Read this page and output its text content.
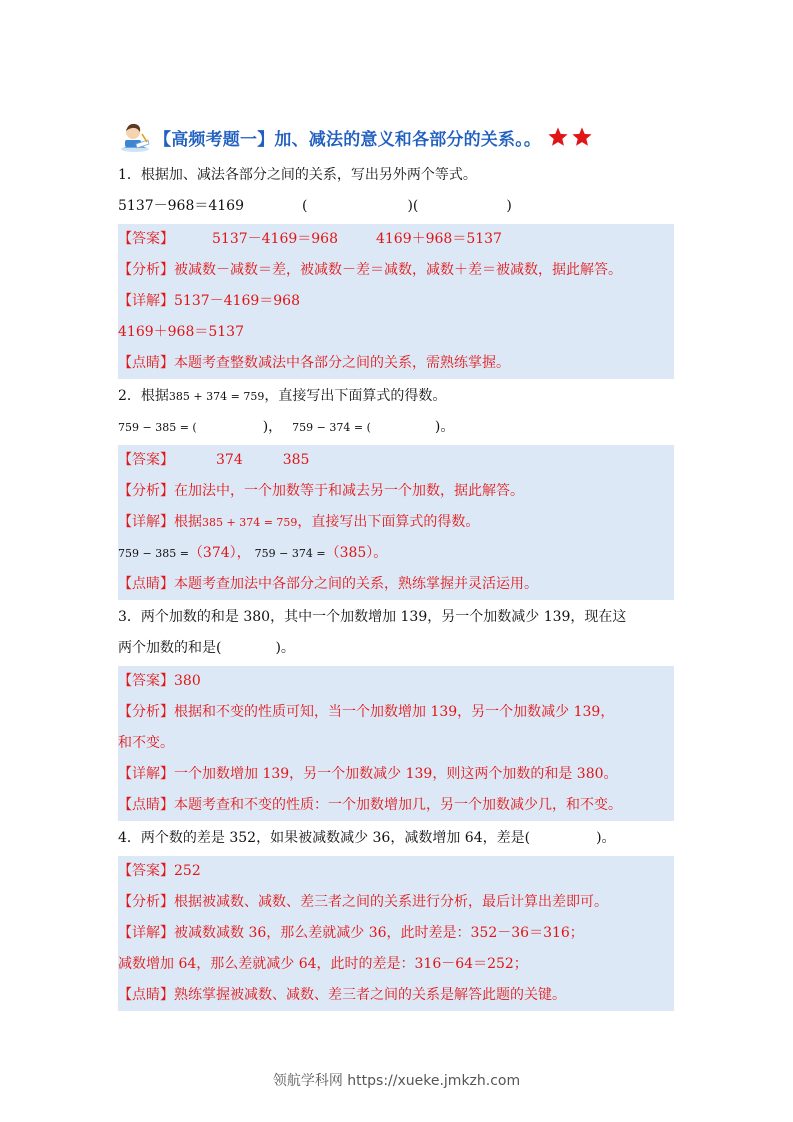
【高频考题一】加、减法的意义和各部分的关系。。
1．根据加、减法各部分之间的关系，写出另外两个等式。
5137－968＝4169	(	)(	)
【答案】	5137－4169＝968	4169＋968＝5137
【分析】被减数－减数＝差，被减数－差＝减数，减数＋差＝被减数，据此解答。
【详解】5137－4169＝968
4169＋968＝5137
【点睛】本题考查整数减法中各部分之间的关系，需熟练掌握。
2．根据385 + 374 = 759，直接写出下面算式的得数。
759 − 385 = (	)， 759 − 374 = (	)。
【答案】	374	385
【分析】在加法中，一个加数等于和减去另一个加数，据此解答。
【详解】根据385 + 374 = 759，直接写出下面算式的得数。
759 − 385 =（374）， 759 − 374 =（385）。
【点睛】本题考查加法中各部分之间的关系，熟练掌握并灵活运用。
3．两个加数的和是 380，其中一个加数增加 139，另一个加数减少 139，现在这
两个加数的和是(	)。
【答案】380
【分析】根据和不变的性质可知，当一个加数增加 139，另一个加数减少 139，
和不变。
【详解】一个加数增加 139，另一个加数减少 139，则这两个加数的和是 380。
【点睛】本题考查和不变的性质：一个加数增加几，另一个加数减少几，和不变。
4．两个数的差是 352，如果被减数减少 36，减数增加 64，差是(	)。
【答案】252
【分析】根据被减数、减数、差三者之间的关系进行分析，最后计算出差即可。
【详解】被减数减数 36，那么差就减少 36，此时差是：352－36＝316；
减数增加 64，那么差就减少 64，此时的差是：316－64＝252；
【点睛】熟练掌握被减数、减数、差三者之间的关系是解答此题的关键。
领航学科网 https://xueke.jmkzh.com
